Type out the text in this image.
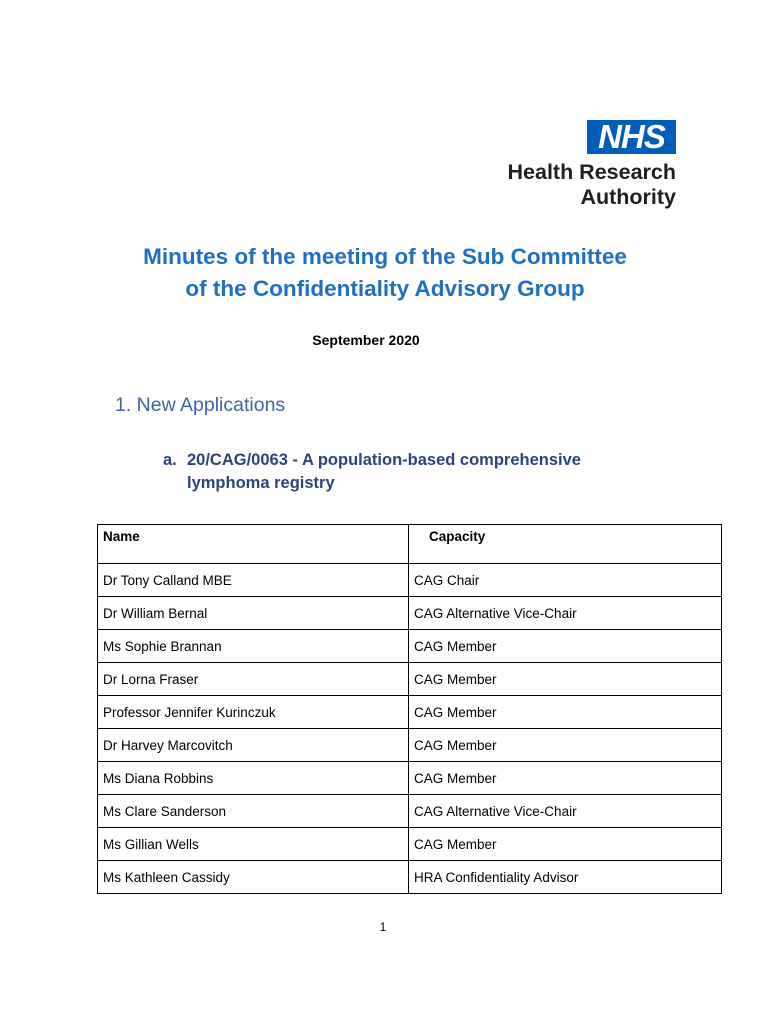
NHS
Health Research
Authority
Minutes of the meeting of the Sub Committee
of the Confidentiality Advisory Group
September 2020
1. New Applications
a. 20/CAG/0063 - A population-based comprehensive
lymphoma registry
Name	Capacity
Dr Tony Calland MBE	CAG Chair
Dr William Bernal	CAG Alternative Vice-Chair
Ms Sophie Brannan	CAG Member
Dr Lorna Fraser	CAG Member
Professor Jennifer Kurinczuk	CAG Member
Dr Harvey Marcovitch	CAG Member
Ms Diana Robbins	CAG Member
Ms Clare Sanderson	CAG Alternative Vice-Chair
Ms Gillian Wells	CAG Member
Ms Kathleen Cassidy	HRA Confidentiality Advisor
1
